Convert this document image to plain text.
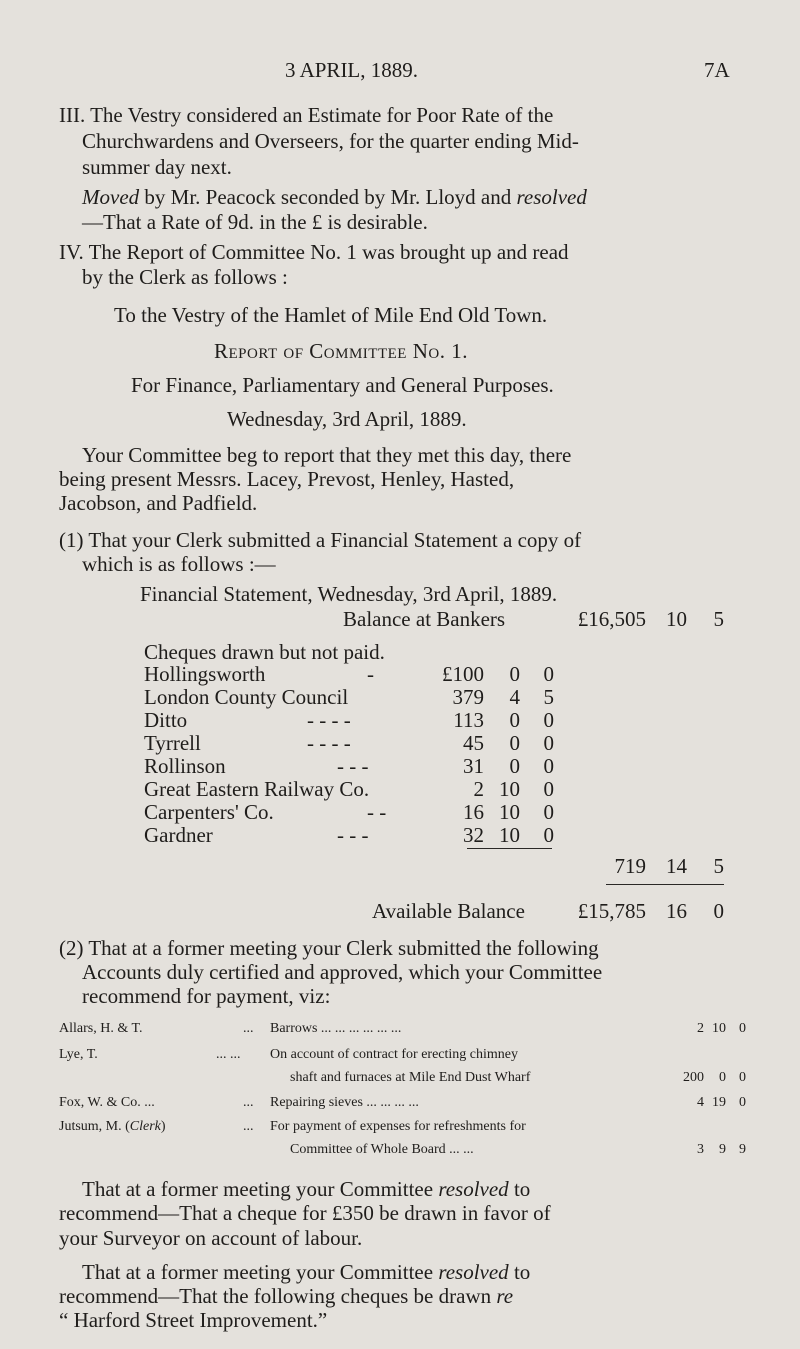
3 APRIL, 1889.	7A
III. The Vestry considered an Estimate for Poor Rate of the
Churchwardens and Overseers, for the quarter ending Mid-
summer day next.
Moved by Mr. Peacock seconded by Mr. Lloyd and resolved
—That a Rate of 9d. in the £ is desirable.
IV. The Report of Committee No. 1 was brought up and read
by the Clerk as follows :
To the Vestry of the Hamlet of Mile End Old Town.
Report of Committee No. 1.
For Finance, Parliamentary and General Purposes.
Wednesday, 3rd April, 1889.
Your Committee beg to report that they met this day, there
being present Messrs. Lacey, Prevost, Henley, Hasted,
Jacobson, and Padfield.
(1) That your Clerk submitted a Financial Statement a copy of
which is as follows :—
Financial Statement, Wednesday, 3rd April, 1889.
Balance at Bankers	£16,505 10	5
Cheques drawn but not paid.
Hollingsworth	-	£100	0	0
London County Council	379	4	5
Ditto	- - - -	113	0	0
Tyrrell	- - - -	45	0	0
Rollinson	- - -	31	0	0
Great Eastern Railway Co.	2 10	0
Carpenters' Co.	- -	16 10	0
Gardner	- - -	32 10	0
719 14	5
Available Balance	£15,785 16	0
(2) That at a former meeting your Clerk submitted the following
Accounts duly certified and approved, which your Committee
recommend for payment, viz:
Allars, H. & T.	... Barrows ... ... ... ... ... ...	2 10 0
Lye, T.	... ... On account of contract for erecting chimney
shaft and furnaces at Mile End Dust Wharf	200	0 0
Fox, W. & Co. ...	... Repairing sieves ... ... ... ...	4 19 0
Jutsum, M. (Clerk)	... For payment of expenses for refreshments for
Committee of Whole Board ... ...	3	9 9
That at a former meeting your Committee resolved to
recommend—That a cheque for £350 be drawn in favor of
your Surveyor on account of labour.
That at a former meeting your Committee resolved to
recommend—That the following cheques be drawn re
“ Harford Street Improvement.”
